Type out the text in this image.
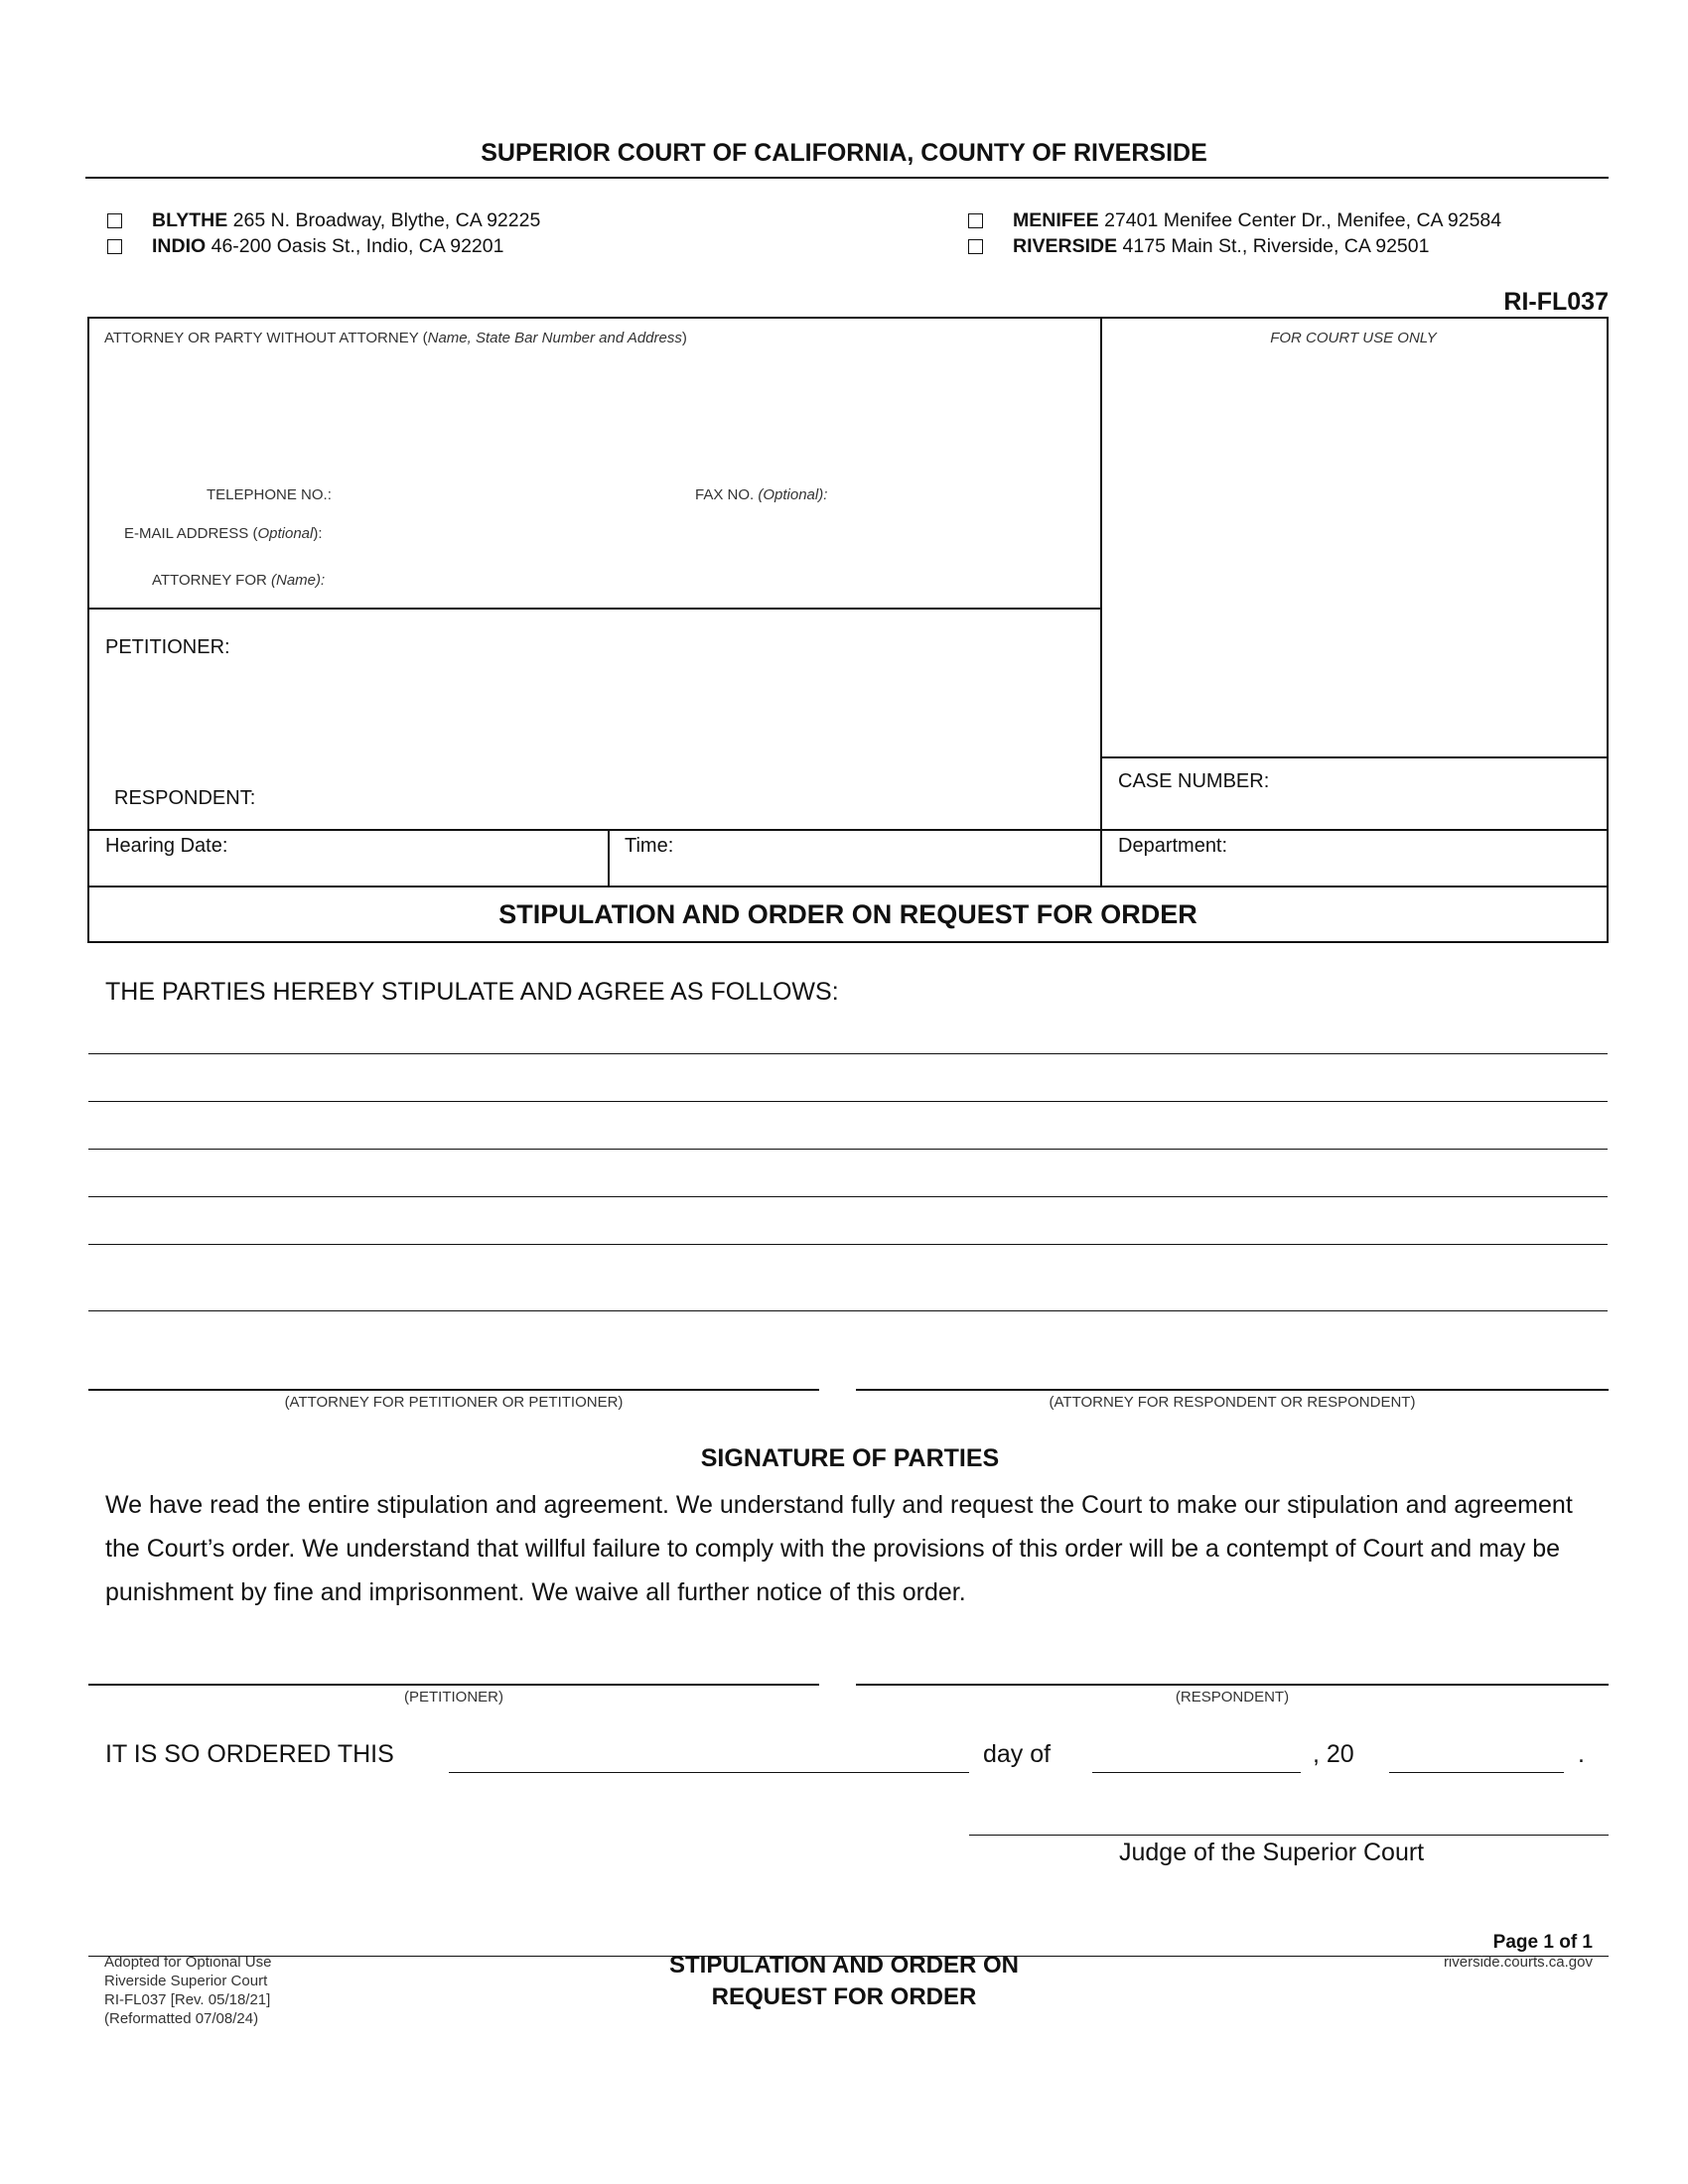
SUPERIOR COURT OF CALIFORNIA, COUNTY OF RIVERSIDE
BLYTHE 265 N. Broadway, Blythe, CA 92225
INDIO 46-200 Oasis St., Indio, CA 92201
MENIFEE 27401 Menifee Center Dr., Menifee, CA 92584
RIVERSIDE 4175 Main St., Riverside, CA 92501
RI-FL037
ATTORNEY OR PARTY WITHOUT ATTORNEY (Name, State Bar Number and Address)	FOR COURT USE ONLY
TELEPHONE NO.:	FAX NO. (Optional):
E-MAIL ADDRESS (Optional):
ATTORNEY FOR (Name):
PETITIONER:
RESPONDENT:
CASE NUMBER:
Hearing Date:	Time:	Department:
STIPULATION AND ORDER ON REQUEST FOR ORDER
THE PARTIES HEREBY STIPULATE AND AGREE AS FOLLOWS:
(ATTORNEY FOR PETITIONER OR PETITIONER)	(ATTORNEY FOR RESPONDENT OR RESPONDENT)
SIGNATURE OF PARTIES
We have read the entire stipulation and agreement. We understand fully and request the Court to make our stipulation and agreement the Court’s order. We understand that willful failure to comply with the provisions of this order will be a contempt of Court and may be punishment by fine and imprisonment. We waive all further notice of this order.
(PETITIONER)	(RESPONDENT)
IT IS SO ORDERED THIS	day of	, 20	.
Judge of the Superior Court
Page 1 of 1
riverside.courts.ca.gov
Adopted for Optional Use
Riverside Superior Court
RI-FL037 [Rev. 05/18/21]
(Reformatted 07/08/24)
STIPULATION AND ORDER ON
REQUEST FOR ORDER
